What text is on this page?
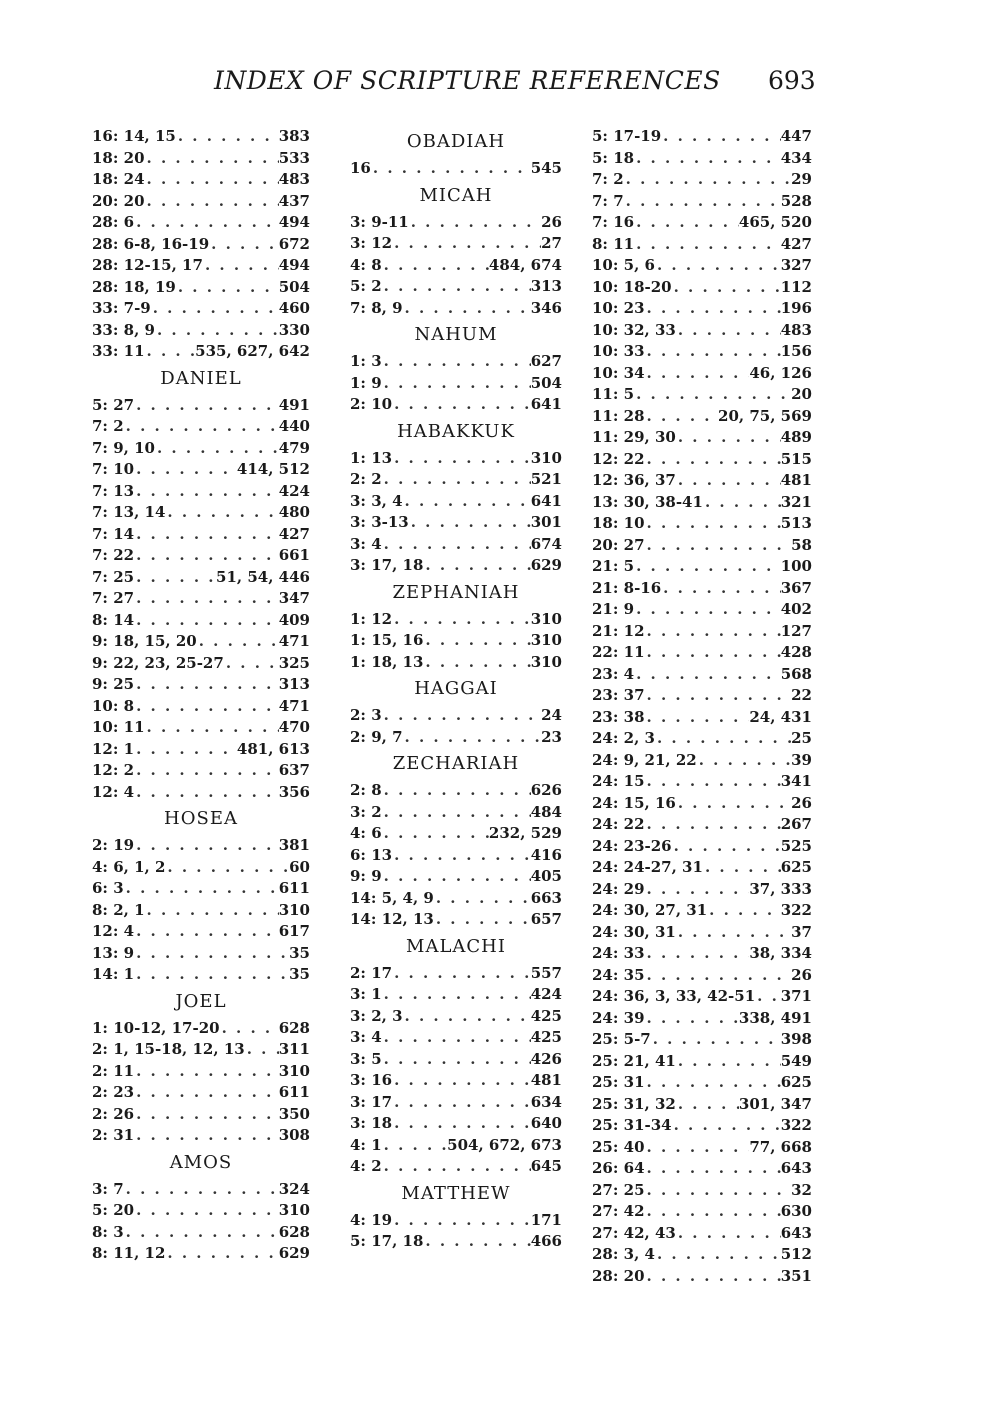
INDEX OF SCRIPTURE REFERENCES 693
16: 14, 15 . . .	383
18: 20 . . .	533
18: 24 . . .	483
20: 20 . . .	437
28: 6 . . .	494
28: 6-8, 16-19 . . .	672
28: 12-15, 17 . . .	494
28: 18, 19 . . .	504
33: 7-9 . . .	460
33: 8, 9 . . .	330
33: 11 . . .	535, 627, 642
DANIEL
5: 27 . . .	491
7: 2 . . .	440
7: 9, 10 . . .	479
7: 10 . . .	414, 512
7: 13 . . .	424
7: 13, 14 . . .	480
7: 14 . . .	427
7: 22 . . .	661
7: 25 . . .	51, 54, 446
7: 27 . . .	347
8: 14 . . .	409
9: 18, 15, 20 . . .	471
9: 22, 23, 25-27 . . .	325
9: 25 . . .	313
10: 8 . . .	471
10: 11 . . .	470
12: 1 . . .	481, 613
12: 2 . . .	637
12: 4 . . .	356
HOSEA
2: 19 . . .	381
4: 6, 1, 2 . . .	60
6: 3 . . .	611
8: 2, 1 . . .	310
12: 4 . . .	617
13: 9 . . .	35
14: 1 . . .	35
JOEL
1: 10-12, 17-20 . . .	628
2: 1, 15-18, 12, 13 . . . 311
2: 11 . . .	310
2: 23 . . .	611
2: 26 . . .	350
2: 31 . . .	308
AMOS
3: 7 . . .	324
5: 20 . . .	310
8: 3 . . .	628
8: 11, 12 . . .	629
OBADIAH
16 . . .	545
MICAH
3: 9-11 . . .	26
3: 12 . . .	27
4: 8 . . .	484, 674
5: 2 . . .	313
7: 8, 9 . . .	346
NAHUM
1: 3 . . .	627
1: 9 . . .	504
2: 10 . . .	641
HABAKKUK
1: 13 . . .	310
2: 2 . . .	521
3: 3, 4 . . .	641
3: 3-13 . . .	301
3: 4 . . .	674
3: 17, 18 . . .	629
ZEPHANIAH
1: 12 . . .	310
1: 15, 16 . . .	310
1: 18, 13 . . .	310
HAGGAI
2: 3 . . .	24
2: 9, 7 . . .	23
ZECHARIAH
2: 8 . . .	626
3: 2 . . .	484
4: 6 . . .	232, 529
6: 13 . . .	416
9: 9 . . .	405
14: 5, 4, 9 . . .	663
14: 12, 13 . . .	657
MALACHI
2: 17 . . .	557
3: 1 . . .	424
3: 2, 3 . . .	425
3: 4 . . .	425
3: 5 . . .	426
3: 16 . . .	481
3: 17 . . .	634
3: 18 . . .	640
4: 1 . . .	504, 672, 673
4: 2 . . .	645
MATTHEW
4: 19 . . .	171
5: 17, 18 . . .	466
5: 17-19 . . .	447
5: 18 . . .	434
7: 2 . . .	29
7: 7 . . .	528
7: 16 . . .	465, 520
8: 11 . . .	427
10: 5, 6 . . .	327
10: 18-20 . . .	112
10: 23 . . .	196
10: 32, 33 . . .	483
10: 33 . . .	156
10: 34 . . .	46, 126
11: 5 . . .	20
11: 28 . . .	20, 75, 569
11: 29, 30 . . .	489
12: 22 . . .	515
12: 36, 37 . . .	481
13: 30, 38-41 . . .	321
18: 10 . . .	513
20: 27 . . .	58
21: 5 . . .	100
21: 8-16 . . .	367
21: 9 . . .	402
21: 12 . . .	127
22: 11 . . .	428
23: 4 . . .	568
23: 37 . . .	22
23: 38 . . .	24, 431
24: 2, 3 . . .	25
24: 9, 21, 22 . . .	39
24: 15 . . .	341
24: 15, 16 . . .	26
24: 22 . . .	267
24: 23-26 . . .	525
24: 24-27, 31 . . .	625
24: 29 . . .	37, 333
24: 30, 27, 31 . . .	322
24: 30, 31 . . .	37
24: 33 . . .	38, 334
24: 35 . . .	26
24: 36, 3, 33, 42-51 . . . 371
24: 39 . . .	338, 491
25: 5-7 . . .	398
25: 21, 41 . . .	549
25: 31 . . .	625
25: 31, 32 . . .	301, 347
25: 31-34 . . .	322
25: 40 . . .	77, 668
26: 64 . . .	643
27: 25 . . .	32
27: 42 . . .	630
27: 42, 43 . . .	643
28: 3, 4 . . .	512
28: 20 . . .	351
